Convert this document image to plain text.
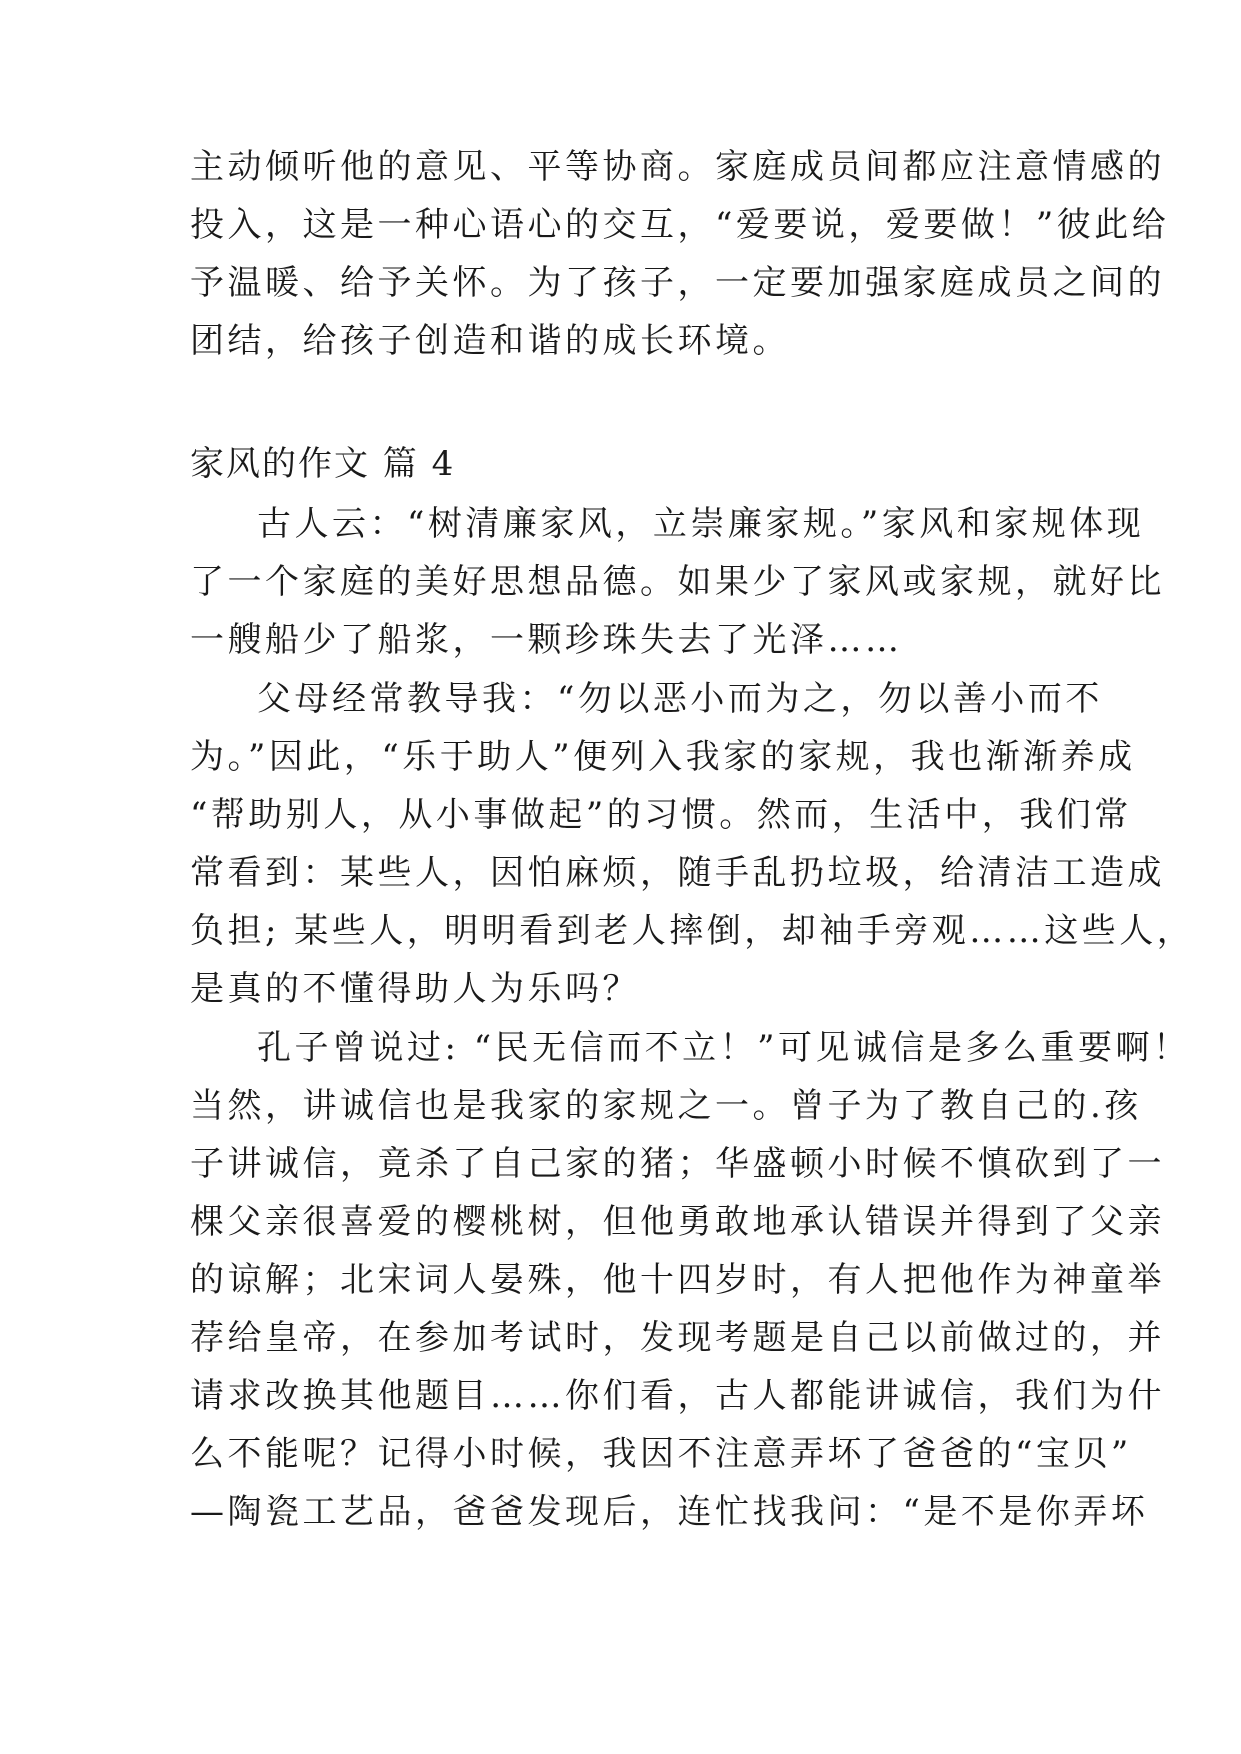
主动倾听他的意见、平等协商。家庭成员间都应注意情感的
投入，这是一种心语心的交互，“爱要说，爱要做！”彼此给
予温暖、给予关怀。为了孩子，一定要加强家庭成员之间的
团结，给孩子创造和谐的成长环境。
家风的作文 篇 4
古人云：“树清廉家风，立崇廉家规。”家风和家规体现
了一个家庭的美好思想品德。如果少了家风或家规，就好比
一艘船少了船浆，一颗珍珠失去了光泽……
父母经常教导我：“勿以恶小而为之，勿以善小而不
为。”因此，“乐于助人”便列入我家的家规，我也渐渐养成
“帮助别人，从小事做起”的习惯。然而，生活中，我们常
常看到：某些人，因怕麻烦，随手乱扔垃圾，给清洁工造成
负担; 某些人，明明看到老人摔倒，却袖手旁观……这些人，
是真的不懂得助人为乐吗？
孔子曾说过: “民无信而不立！”可见诚信是多么重要啊！
当然，讲诚信也是我家的家规之一。曾子为了教自己的.孩
子讲诚信，竟杀了自己家的猪；华盛顿小时候不慎砍到了一
棵父亲很喜爱的樱桃树，但他勇敢地承认错误并得到了父亲
的谅解；北宋词人晏殊，他十四岁时，有人把他作为神童举
荐给皇帝，在参加考试时，发现考题是自己以前做过的，并
请求改换其他题目……你们看，古人都能讲诚信，我们为什
么不能呢？记得小时候，我因不注意弄坏了爸爸的“宝贝”
—陶瓷工艺品，爸爸发现后，连忙找我问：“是不是你弄坏
